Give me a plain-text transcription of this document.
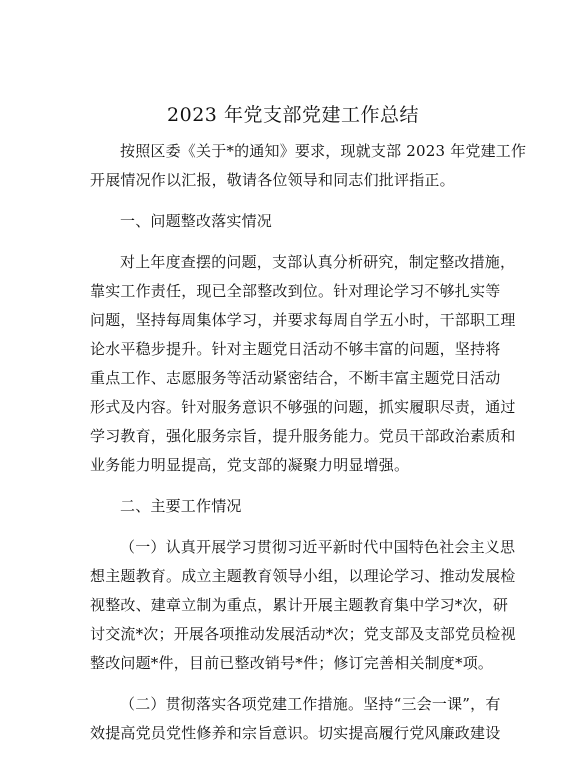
2023 年党支部党建工作总结
按照区委《关于*的通知》要求，现就支部 2023 年党建工作
开展情况作以汇报，敬请各位领导和同志们批评指正。
一、问题整改落实情况
对上年度查摆的问题，支部认真分析研究，制定整改措施，
靠实工作责任，现已全部整改到位。针对理论学习不够扎实等
问题，坚持每周集体学习，并要求每周自学五小时，干部职工理
论水平稳步提升。针对主题党日活动不够丰富的问题，坚持将
重点工作、志愿服务等活动紧密结合，不断丰富主题党日活动
形式及内容。针对服务意识不够强的问题，抓实履职尽责，通过
学习教育，强化服务宗旨，提升服务能力。党员干部政治素质和
业务能力明显提高，党支部的凝聚力明显增强。
二、主要工作情况
（一）认真开展学习贯彻习近平新时代中国特色社会主义思
想主题教育。成立主题教育领导小组，以理论学习、推动发展检
视整改、建章立制为重点，累计开展主题教育集中学习*次，研
讨交流*次；开展各项推动发展活动*次；党支部及支部党员检视
整改问题*件，目前已整改销号*件；修订完善相关制度*项。
（二）贯彻落实各项党建工作措施。坚持“三会一课”，有
效提高党员党性修养和宗旨意识。切实提高履行党风廉政建设
